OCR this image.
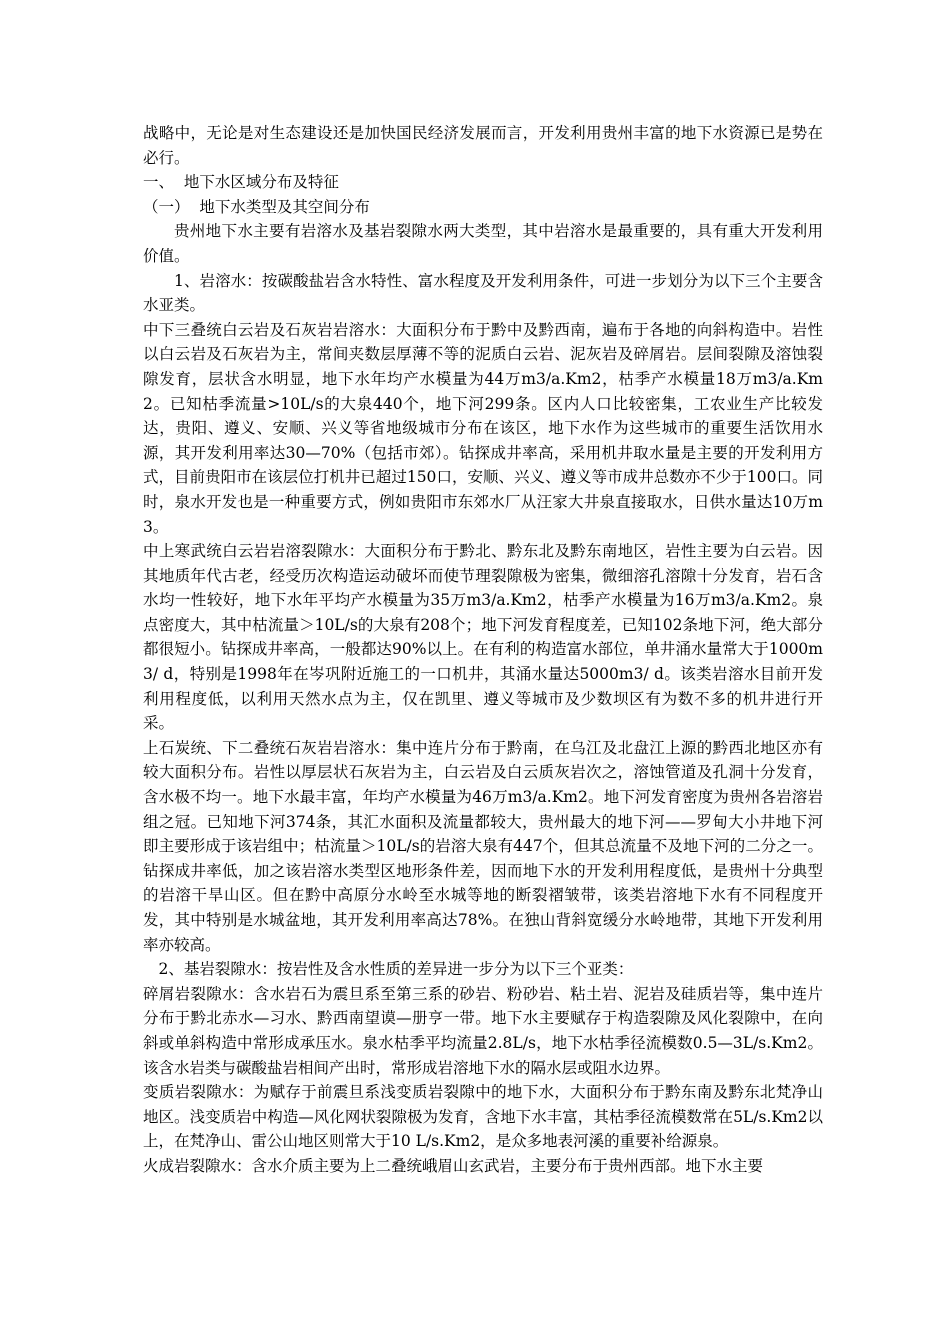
战略中，无论是对生态建设还是加快国民经济发展而言，开发利用贵州丰富的地下水资源已是势在必行。

一、  地下水区域分布及特征

（一）  地下水类型及其空间分布

贵州地下水主要有岩溶水及基岩裂隙水两大类型，其中岩溶水是最重要的，具有重大开发利用价值。

1、岩溶水：按碳酸盐岩含水特性、富水程度及开发利用条件，可进一步划分为以下三个主要含水亚类。

中下三叠统白云岩及石灰岩岩溶水：大面积分布于黔中及黔西南，遍布于各地的向斜构造中。岩性以白云岩及石灰岩为主，常间夹数层厚薄不等的泥质白云岩、泥灰岩及碎屑岩。层间裂隙及溶蚀裂隙发育，层状含水明显，地下水年均产水模量为44万m3/a.Km2，枯季产水模量18万m3/a.Km2。已知枯季流量>10L/s的大泉440个，地下河299条。区内人口比较密集，工农业生产比较发达，贵阳、遵义、安顺、兴义等省地级城市分布在该区，地下水作为这些城市的重要生活饮用水源，其开发利用率达30—70%（包括市郊）。钻探成井率高，采用机井取水量是主要的开发利用方式，目前贵阳市在该层位打机井已超过150口，安顺、兴义、遵义等市成井总数亦不少于100口。同时，泉水开发也是一种重要方式，例如贵阳市东郊水厂从汪家大井泉直接取水，日供水量达10万m3。

中上寒武统白云岩岩溶裂隙水：大面积分布于黔北、黔东北及黔东南地区，岩性主要为白云岩。因其地质年代古老，经受历次构造运动破坏而使节理裂隙极为密集，微细溶孔溶隙十分发育，岩石含水均一性较好，地下水年平均产水模量为35万m3/a.Km2，枯季产水模量为16万m3/a.Km2。泉点密度大，其中枯流量＞10L/s的大泉有208个；地下河发育程度差，已知102条地下河，绝大部分都很短小。钻探成井率高，一般都达90%以上。在有利的构造富水部位，单井涌水量常大于1000m3/ d，特别是1998年在岑巩附近施工的一口机井，其涌水量达5000m3/ d。该类岩溶水目前开发利用程度低，以利用天然水点为主，仅在凯里、遵义等城市及少数坝区有为数不多的机井进行开采。

上石炭统、下二叠统石灰岩岩溶水：集中连片分布于黔南，在乌江及北盘江上源的黔西北地区亦有较大面积分布。岩性以厚层状石灰岩为主，白云岩及白云质灰岩次之，溶蚀管道及孔洞十分发育，含水极不均一。地下水最丰富，年均产水模量为46万m3/a.Km2。地下河发育密度为贵州各岩溶岩组之冠。已知地下河374条，其汇水面积及流量都较大，贵州最大的地下河——罗甸大小井地下河即主要形成于该岩组中；枯流量＞10L/s的岩溶大泉有447个，但其总流量不及地下河的二分之一。钻探成井率低，加之该岩溶水类型区地形条件差，因而地下水的开发利用程度低，是贵州十分典型的岩溶干旱山区。但在黔中高原分水岭至水城等地的断裂褶皱带，该类岩溶地下水有不同程度开发，其中特别是水城盆地，其开发利用率高达78%。在独山背斜宽缓分水岭地带，其地下开发利用率亦较高。

2、基岩裂隙水：按岩性及含水性质的差异进一步分为以下三个亚类：

碎屑岩裂隙水：含水岩石为震旦系至第三系的砂岩、粉砂岩、粘土岩、泥岩及硅质岩等，集中连片分布于黔北赤水—习水、黔西南望谟—册亨一带。地下水主要赋存于构造裂隙及风化裂隙中，在向斜或单斜构造中常形成承压水。泉水枯季平均流量2.8L/s，地下水枯季径流模数0.5—3L/s.Km2。该含水岩类与碳酸盐岩相间产出时，常形成岩溶地下水的隔水层或阻水边界。

变质岩裂隙水：为赋存于前震旦系浅变质岩裂隙中的地下水，大面积分布于黔东南及黔东北梵净山地区。浅变质岩中构造—风化网状裂隙极为发育，含地下水丰富，其枯季径流模数常在5L/s.Km2以上，在梵净山、雷公山地区则常大于10 L/s.Km2，是众多地表河溪的重要补给源泉。

火成岩裂隙水：含水介质主要为上二叠统峨眉山玄武岩，主要分布于贵州西部。地下水主要
